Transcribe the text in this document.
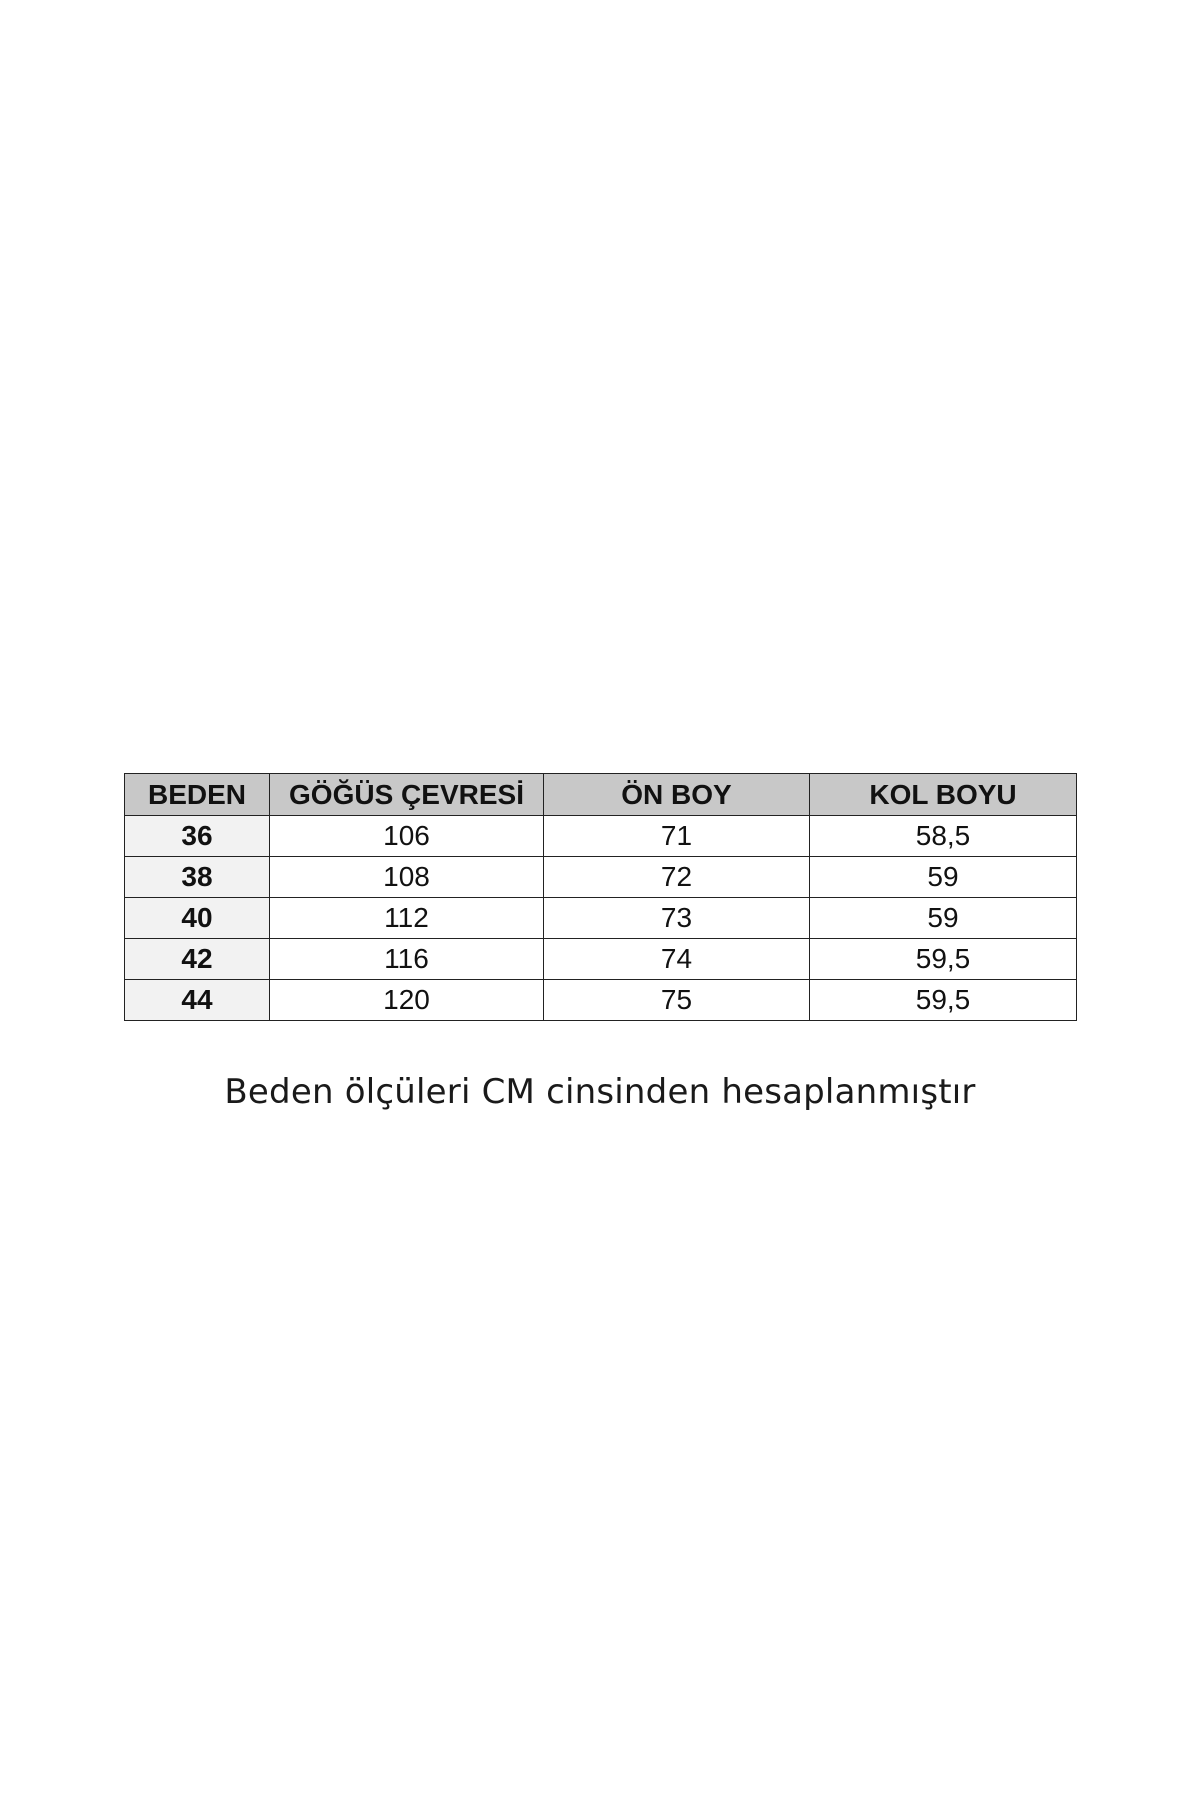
BEDEN	GÖĞÜS ÇEVRESİ	ÖN BOY	KOL BOYU
36	106	71	58,5
38	108	72	59
40	112	73	59
42	116	74	59,5
44	120	75	59,5
Beden ölçüleri CM cinsinden hesaplanmıştır
